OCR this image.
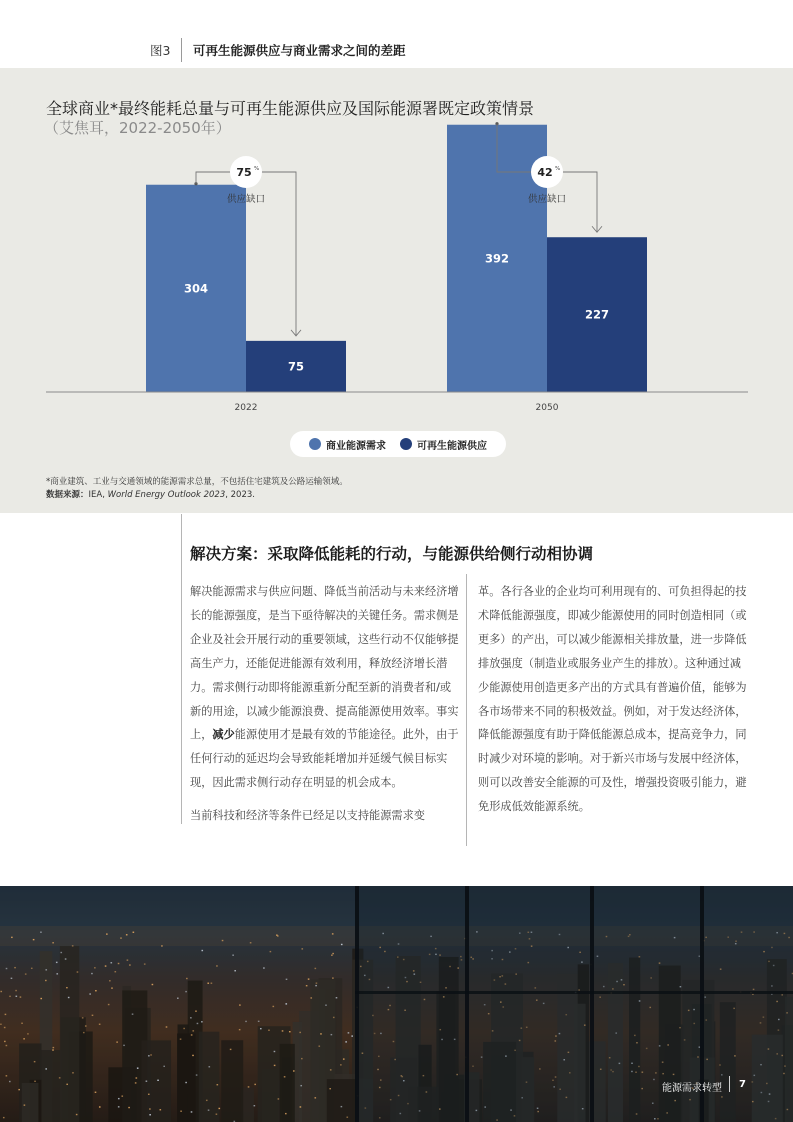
图3 可再生能源供应与商业需求之间的差距
全球商业*最终能耗总量与可再生能源供应及国际能源署既定政策情景
（艾焦耳，2022-2050年）
304
75
2022
75 %
供应缺口
392
227
2050
42 %
供应缺口
商业能源需求	可再生能源供应
*商业建筑、工业与交通领域的能源需求总量，不包括住宅建筑及公路运输领域。
数据来源：IEA, World Energy Outlook 2023, 2023.
解决方案：采取降低能耗的行动，与能源供给侧行动相协调

解决能源需求与供应问题、降低当前活动与未来经济增长的能源强度，是当下亟待解决的关键任务。需求侧是企业及社会开展行动的重要领域，这些行动不仅能够提高生产力，还能促进能源有效利用，释放经济增长潜力。需求侧行动即将能源重新分配至新的消费者和/或新的用途，以减少能源浪费、提高能源使用效率。事实上，减少能源使用才是最有效的节能途径。此外，由于任何行动的延迟均会导致能耗增加并延缓气候目标实现，因此需求侧行动存在明显的机会成本。

当前科技和经济等条件已经足以支持能源需求变

革。各行各业的企业均可利用现有的、可负担得起的技术降低能源强度，即减少能源使用的同时创造相同（或更多）的产出，可以减少能源相关排放量，进一步降低排放强度（制造业或服务业产生的排放）。这种通过减少能源使用创造更多产出的方式具有普遍价值，能够为各市场带来不同的积极效益。例如，对于发达经济体，降低能源强度有助于降低能源总成本，提高竞争力，同时减少对环境的影响。对于新兴市场与发展中经济体，则可以改善安全能源的可及性，增强投资吸引能力，避免形成低效能源系统。

能源需求转型 7
